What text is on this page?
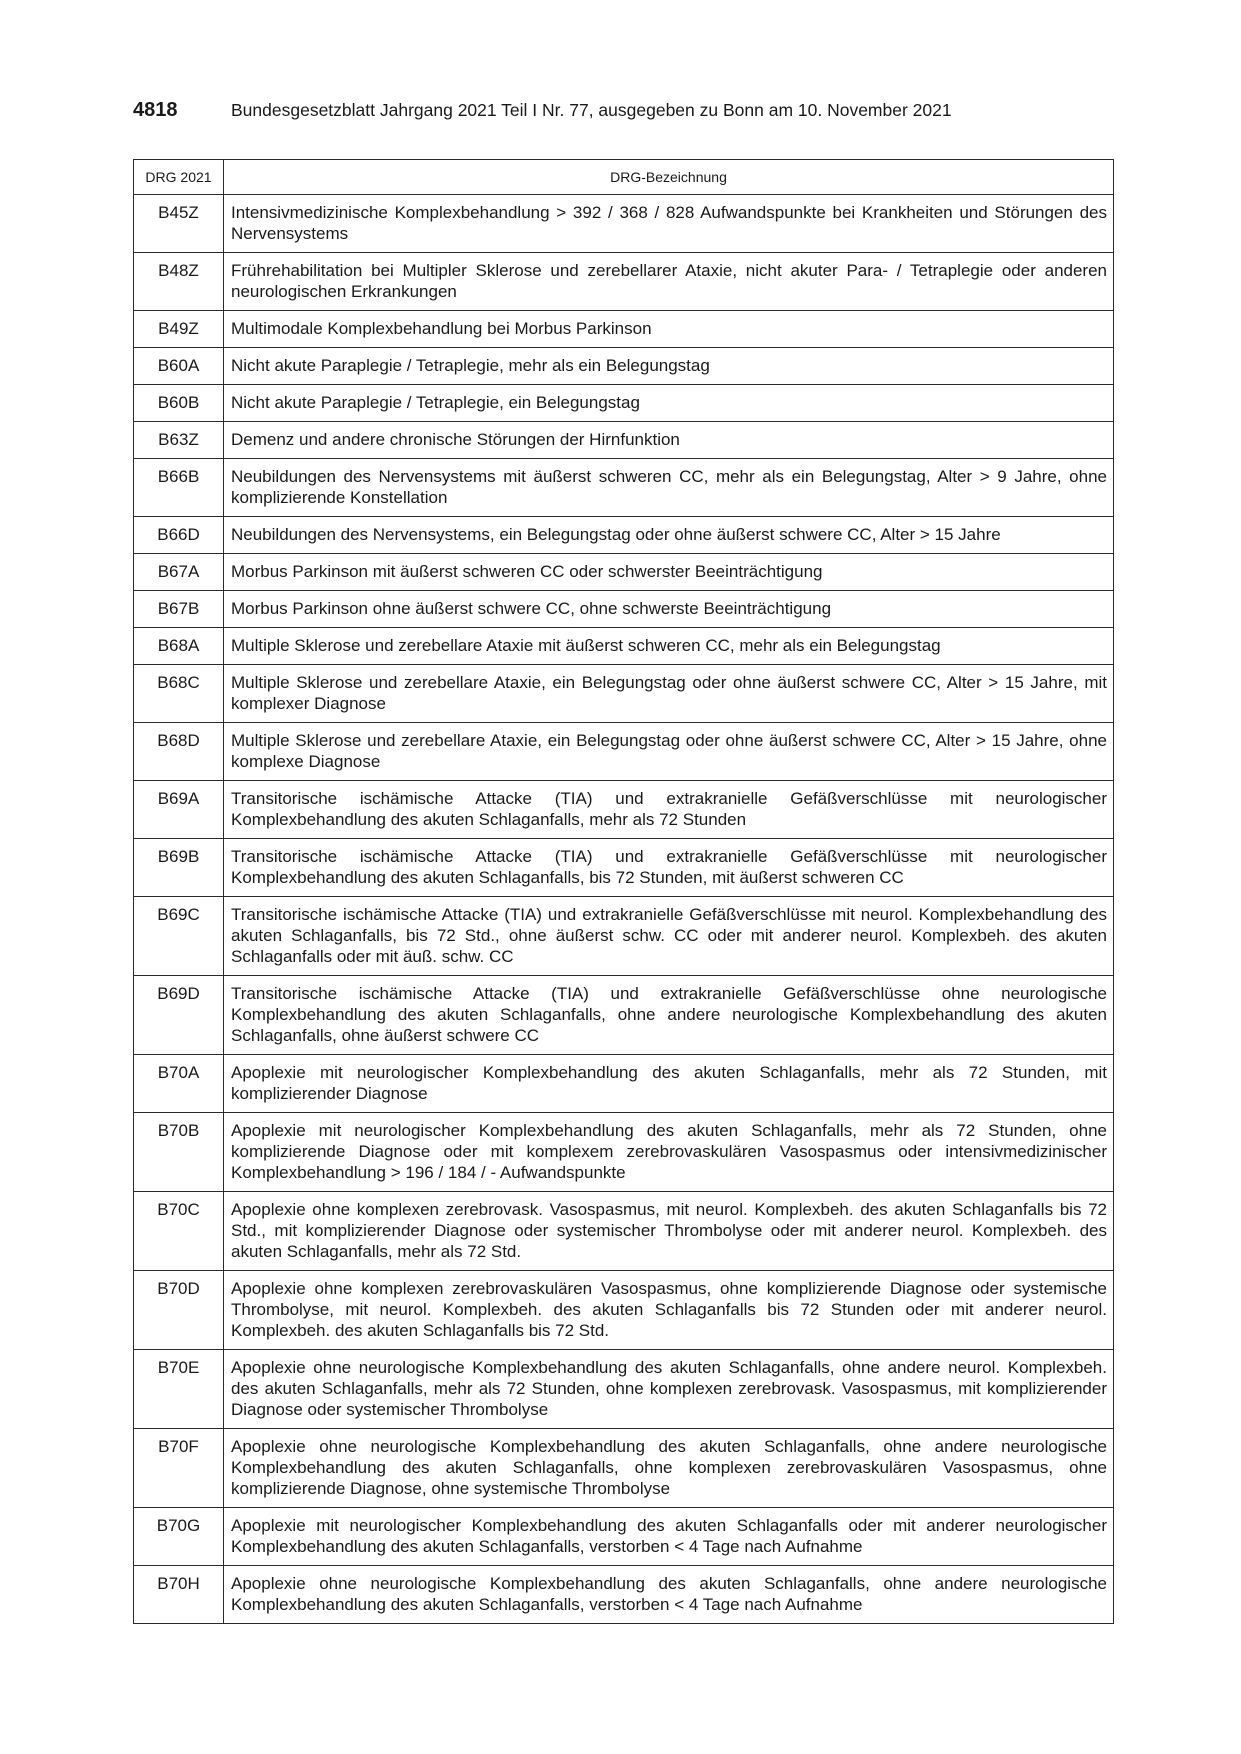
4818	Bundesgesetzblatt Jahrgang 2021 Teil I Nr. 77, ausgegeben zu Bonn am 10. November 2021
DRG 2021	DRG-Bezeichnung
B45Z	Intensivmedizinische Komplexbehandlung > 392 / 368 / 828 Aufwandspunkte bei Krankheiten und Störungen des Nervensystems
B48Z	Frührehabilitation bei Multipler Sklerose und zerebellarer Ataxie, nicht akuter Para- / Tetraplegie oder anderen neurologischen Erkrankungen
B49Z	Multimodale Komplexbehandlung bei Morbus Parkinson
B60A	Nicht akute Paraplegie / Tetraplegie, mehr als ein Belegungstag
B60B	Nicht akute Paraplegie / Tetraplegie, ein Belegungstag
B63Z	Demenz und andere chronische Störungen der Hirnfunktion
B66B	Neubildungen des Nervensystems mit äußerst schweren CC, mehr als ein Belegungstag, Alter > 9 Jahre, ohne komplizierende Konstellation
B66D	Neubildungen des Nervensystems, ein Belegungstag oder ohne äußerst schwere CC, Alter > 15 Jahre
B67A	Morbus Parkinson mit äußerst schweren CC oder schwerster Beeinträchtigung
B67B	Morbus Parkinson ohne äußerst schwere CC, ohne schwerste Beeinträchtigung
B68A	Multiple Sklerose und zerebellare Ataxie mit äußerst schweren CC, mehr als ein Belegungstag
B68C	Multiple Sklerose und zerebellare Ataxie, ein Belegungstag oder ohne äußerst schwere CC, Alter > 15 Jahre, mit komplexer Diagnose
B68D	Multiple Sklerose und zerebellare Ataxie, ein Belegungstag oder ohne äußerst schwere CC, Alter > 15 Jahre, ohne komplexe Diagnose
B69A	Transitorische ischämische Attacke (TIA) und extrakranielle Gefäßverschlüsse mit neurologischer Komplexbehandlung des akuten Schlaganfalls, mehr als 72 Stunden
B69B	Transitorische ischämische Attacke (TIA) und extrakranielle Gefäßverschlüsse mit neurologischer Komplexbehandlung des akuten Schlaganfalls, bis 72 Stunden, mit äußerst schweren CC
B69C	Transitorische ischämische Attacke (TIA) und extrakranielle Gefäßverschlüsse mit neurol. Komplexbehandlung des akuten Schlaganfalls, bis 72 Std., ohne äußerst schw. CC oder mit anderer neurol. Komplexbeh. des akuten Schlaganfalls oder mit äuß. schw. CC
B69D	Transitorische ischämische Attacke (TIA) und extrakranielle Gefäßverschlüsse ohne neurologische Komplexbehandlung des akuten Schlaganfalls, ohne andere neurologische Komplexbehandlung des akuten Schlaganfalls, ohne äußerst schwere CC
B70A	Apoplexie mit neurologischer Komplexbehandlung des akuten Schlaganfalls, mehr als 72 Stunden, mit komplizierender Diagnose
B70B	Apoplexie mit neurologischer Komplexbehandlung des akuten Schlaganfalls, mehr als 72 Stunden, ohne komplizierende Diagnose oder mit komplexem zerebrovaskulären Vasospasmus oder intensivmedizinischer Komplexbehandlung > 196 / 184 / - Aufwandspunkte
B70C	Apoplexie ohne komplexen zerebrovask. Vasospasmus, mit neurol. Komplexbeh. des akuten Schlaganfalls bis 72 Std., mit komplizierender Diagnose oder systemischer Thrombolyse oder mit anderer neurol. Komplexbeh. des akuten Schlaganfalls, mehr als 72 Std.
B70D	Apoplexie ohne komplexen zerebrovaskulären Vasospasmus, ohne komplizierende Diagnose oder systemische Thrombolyse, mit neurol. Komplexbeh. des akuten Schlaganfalls bis 72 Stunden oder mit anderer neurol. Komplexbeh. des akuten Schlaganfalls bis 72 Std.
B70E	Apoplexie ohne neurologische Komplexbehandlung des akuten Schlaganfalls, ohne andere neurol. Komplexbeh. des akuten Schlaganfalls, mehr als 72 Stunden, ohne komplexen zerebrovask. Vasospasmus, mit komplizierender Diagnose oder systemischer Thrombolyse
B70F	Apoplexie ohne neurologische Komplexbehandlung des akuten Schlaganfalls, ohne andere neurologische Komplexbehandlung des akuten Schlaganfalls, ohne komplexen zerebrovaskulären Vasospasmus, ohne komplizierende Diagnose, ohne systemische Thrombolyse
B70G	Apoplexie mit neurologischer Komplexbehandlung des akuten Schlaganfalls oder mit anderer neurologischer Komplexbehandlung des akuten Schlaganfalls, verstorben < 4 Tage nach Aufnahme
B70H	Apoplexie ohne neurologische Komplexbehandlung des akuten Schlaganfalls, ohne andere neurologische Komplexbehandlung des akuten Schlaganfalls, verstorben < 4 Tage nach Aufnahme
